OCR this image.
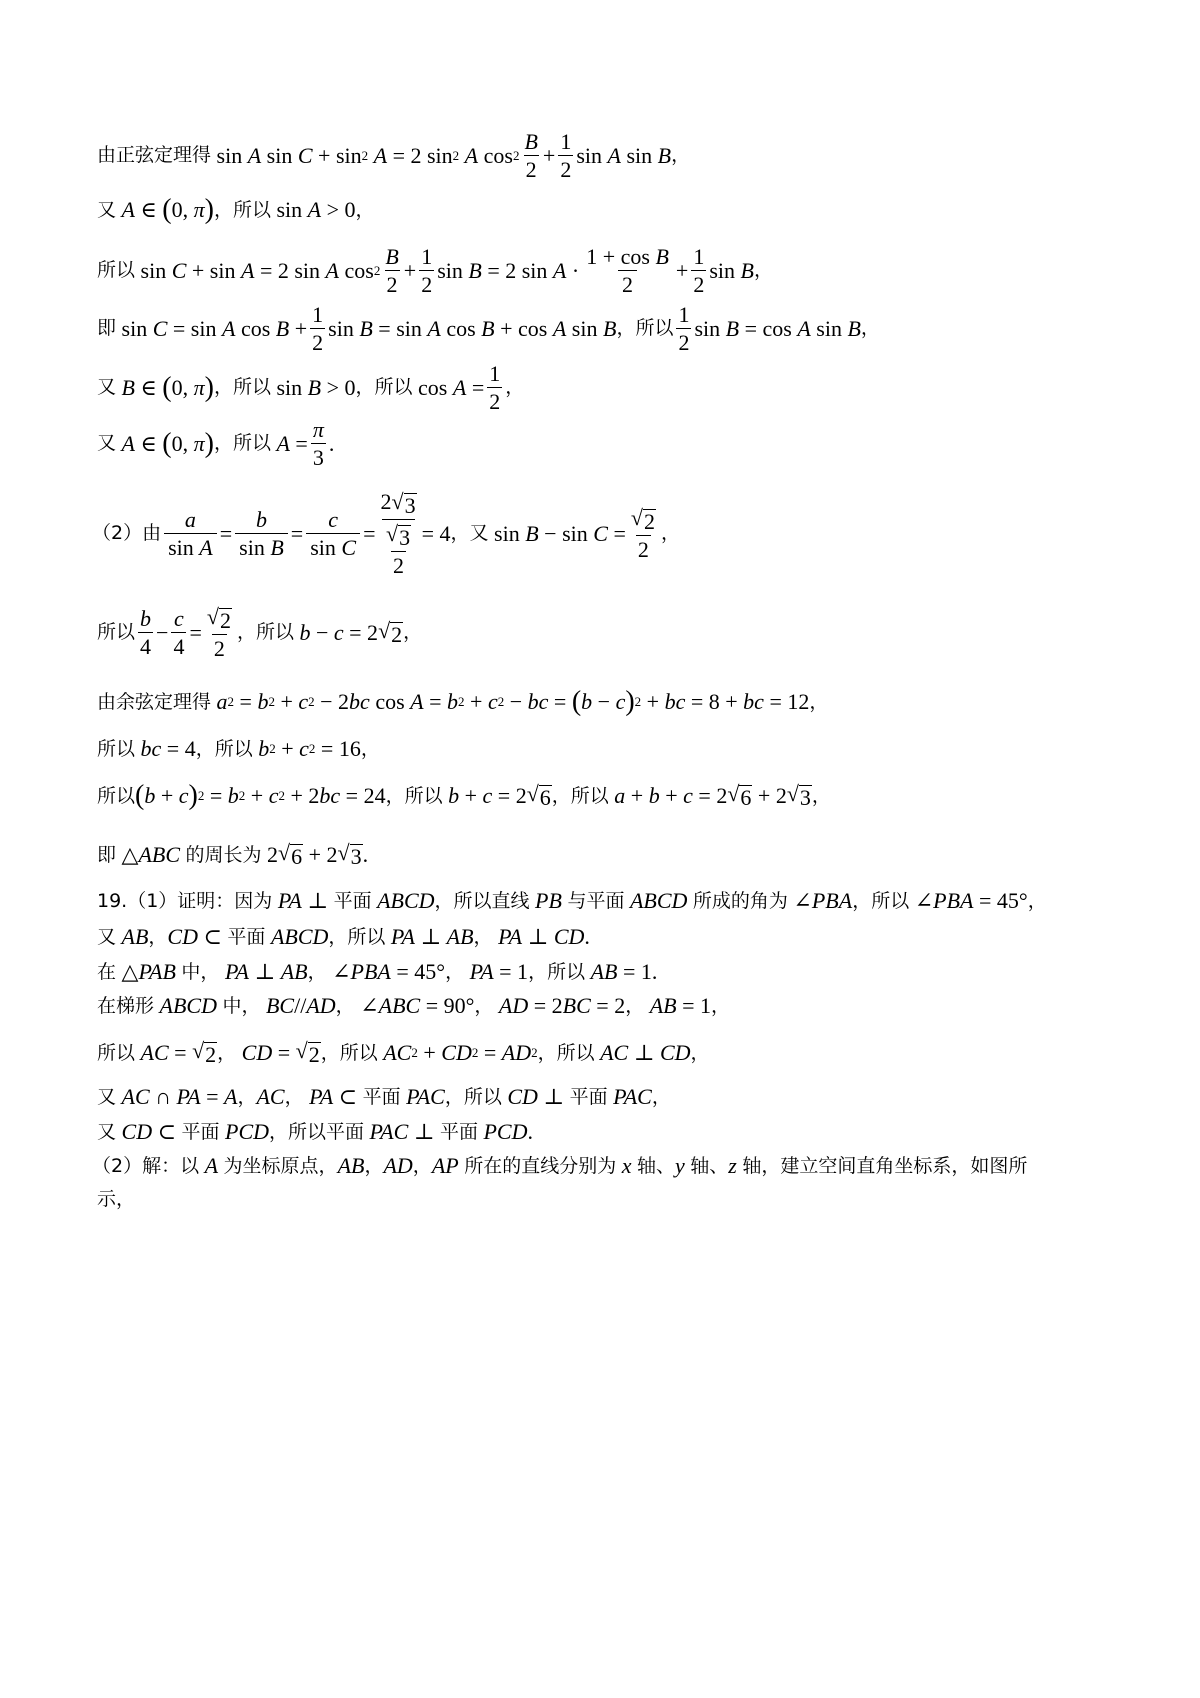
由正弦定理得 sin A sin C + sin 2
A = 2 sin 2
A $\cos 2 \frac{B}{2} + \frac{1}{2}$ sin A sin B ，
又
A ∈ ( 0, π ) ，所以 sin A > 0 ，
所以 sin C + sin A = 2 sin A $\cos 2 \frac{B}{2} + \frac{1}{2}$ sin B = 2 $\sin A \cdot \frac{\text{1 + cos B}}{2} + \frac{1}{2}$ sin B ，
即 sin C = sin A $\cos B + \frac{1}{2}$ sin B = sin A cos B + cos A sin B ，所以 $\frac{1}{2}$ sin B = cos A sin B ，
又
B ∈ ( 0, π ) ，所以 sin B > 0 ，所以 $\cos A = \frac{1}{2}$ ，
又
A ∈ ( 0, π ) ，所以
$A = \frac{\pi}{3}$ .
（2）由 $\frac{a}{\text{sin A}} = \frac{b}{\text{sin B}} = \frac{c}{\text{sin C}} = \frac{2 √ 3}{\frac{√ 3}{2}} = 4$ ，又 $\sin B - \sin C = \frac{√ 2}{2}$ ，
所以 $\frac{b}{4} - \frac{c}{4} = \frac{√ 2}{2}$ ，所以
b − c = 2 √ 2 ，
由余弦定理得
a 2 = b 2 + c 2 − 2 bc cos A = b 2 + c 2 − bc = ( b − c ) 2 + bc = 8 + bc = 12 ，
所以
bc = 4 ，所以
b 2 + c 2 = 16 ，
所以 ( b + c ) 2 = b 2 + c 2 + 2 bc = 24 ，所以
b + c = 2 √ 6 ，所以
a + b + c = 2 √ 6 + 2 √ 3 ，
即 △ ABC
的周长为 2 √ 6 + 2 √ 3 .
19.（1）证明：因为
PA ⊥ 平面
ABCD ，所以直线
PB
与平面
ABCD
所成的角为 ∠ PBA ，所以 ∠ PBA = 45° ，
又
AB ， CD ⊂ 平面
ABCD ，所以
PA ⊥ AB ，
PA ⊥ CD .
在 △ PAB
中，
PA ⊥ AB ， ∠ PBA = 45° ，
PA = 1 ，所以
AB = 1.
在梯形
ABCD
中，
BC // AD ， ∠ ABC = 90° ，
AD = 2 BC = 2 ，
AB = 1 ，
所以
AC = √ 2 ，
CD = √ 2 ，所以
AC 2 + CD 2 = AD 2 ，所以
AC ⊥ CD ，
又
AC ∩ PA = A ， AC ，
PA ⊂ 平面
PAC ，所以
CD ⊥ 平面
PAC ，
又
CD ⊂ 平面
PCD ，所以平面
PAC ⊥ 平面
PCD .
（2）解：以
A
为坐标原点， AB ， AD ， AP
所在的直线分别为
x
轴、 y
轴、 z
轴，建立空间直角坐标系，如图所
示，
